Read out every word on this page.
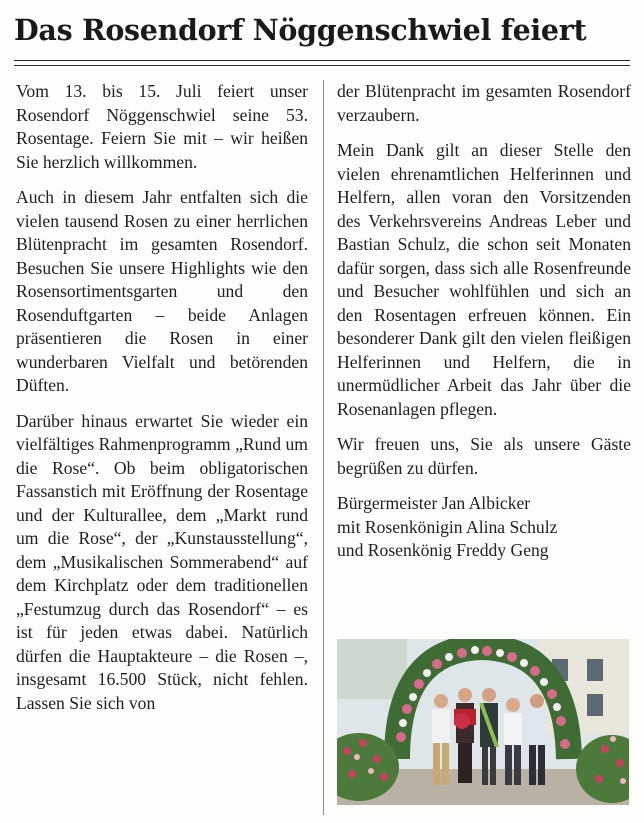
Das Rosendorf Nöggenschwiel feiert

Vom 13. bis 15. Juli feiert unser Rosendorf Nöggenschwiel seine 53. Rosentage. Feiern Sie mit – wir heißen Sie herzlich willkommen.

Auch in diesem Jahr entfalten sich die vielen tausend Rosen zu einer herrlichen Blütenpracht im gesamten Rosendorf. Besuchen Sie unsere Highlights wie den Rosensortimentsgarten und den Rosenduftgarten – beide Anlagen präsentieren die Rosen in einer wunderbaren Vielfalt und betörenden Düften.

Darüber hinaus erwartet Sie wieder ein vielfältiges Rahmenprogramm „Rund um die Rose“. Ob beim obligatorischen Fassanstich mit Eröffnung der Rosentage und der Kulturallee, dem „Markt rund um die Rose“, der „Kunstausstellung“, dem „Musikalischen Sommerabend“ auf dem Kirchplatz oder dem traditionellen „Festumzug durch das Rosendorf“ – es ist für jeden etwas dabei. Natürlich dürfen die Hauptakteure – die Rosen –, insgesamt 16.500 Stück, nicht fehlen. Lassen Sie sich von

der Blütenpracht im gesamten Rosendorf verzaubern.

Mein Dank gilt an dieser Stelle den vielen ehrenamtlichen Helferinnen und Helfern, allen voran den Vorsitzenden des Verkehrsvereins Andreas Leber und Bastian Schulz, die schon seit Monaten dafür sorgen, dass sich alle Rosenfreunde und Besucher wohlfühlen und sich an den Rosentagen erfreuen können. Ein besonderer Dank gilt den vielen fleißigen Helferinnen und Helfern, die in unermüdlicher Arbeit das Jahr über die Rosenanlagen pflegen.

Wir freuen uns, Sie als unsere Gäste begrüßen zu dürfen.

Bürgermeister Jan Albicker
mit Rosenkönigin Alina Schulz
und Rosenkönig Freddy Geng
